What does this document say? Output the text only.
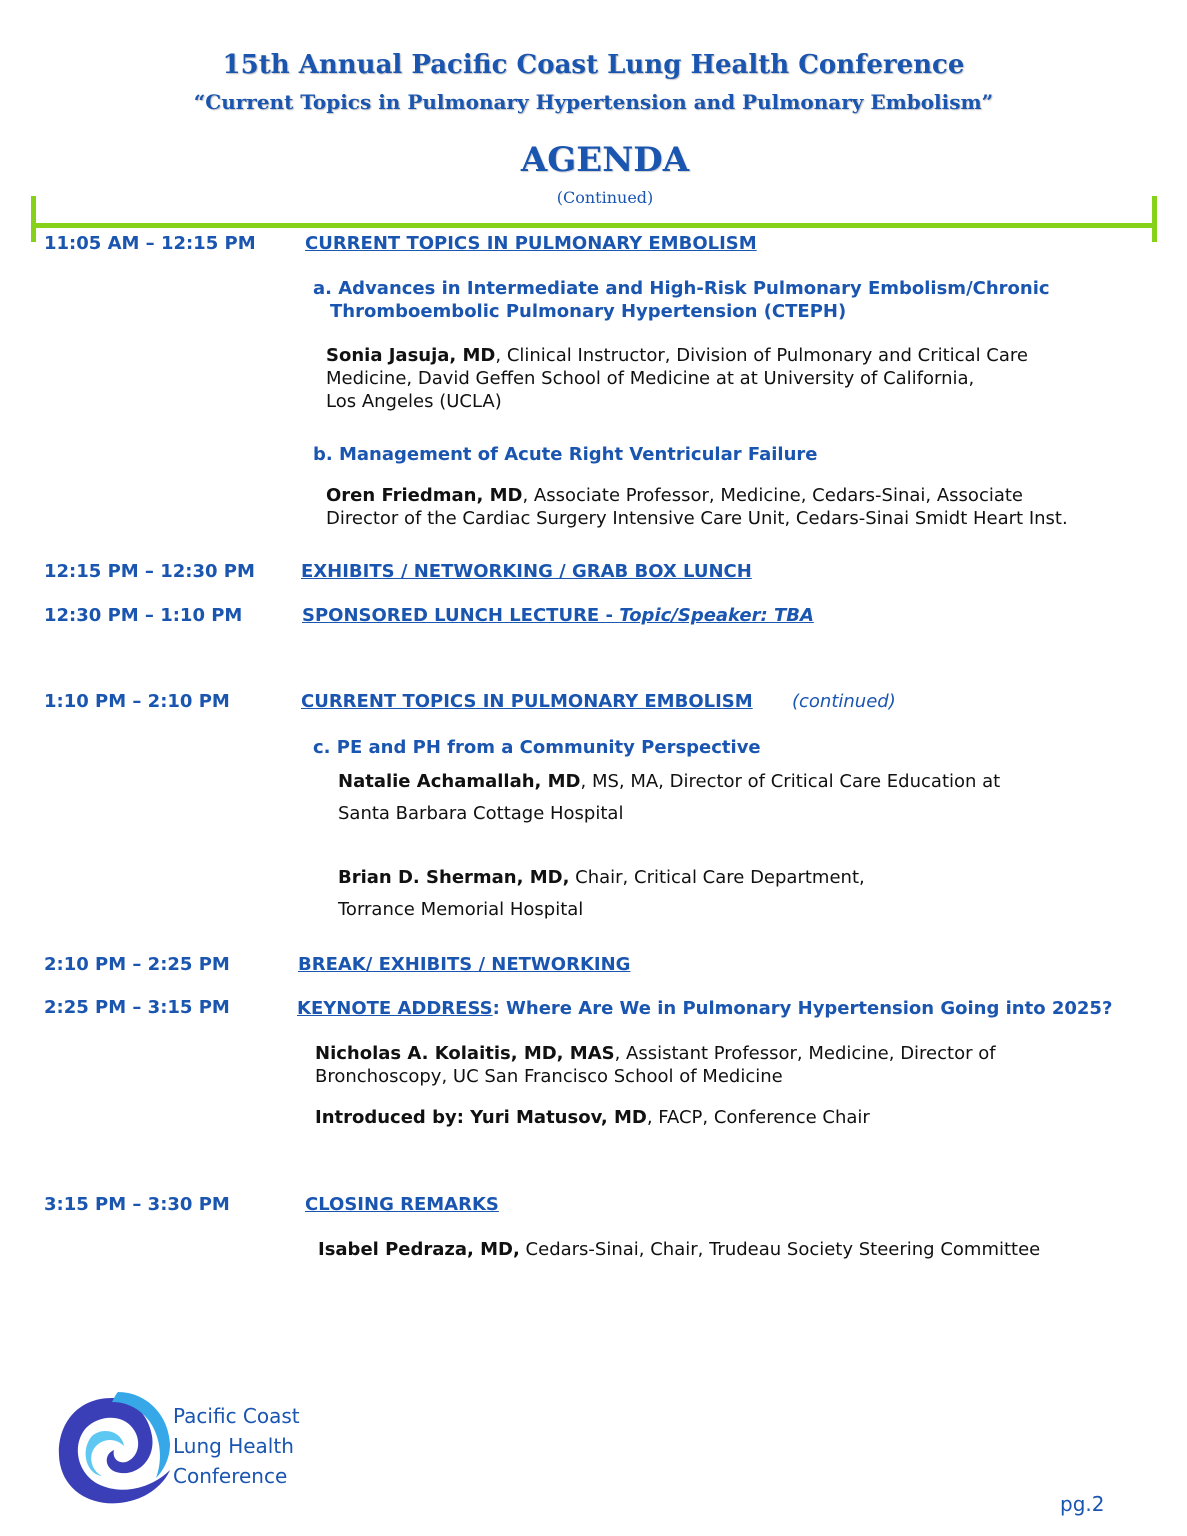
15th Annual Pacific Coast Lung Health Conference
“Current Topics in Pulmonary Hypertension and Pulmonary Embolism”
AGENDA
(Continued)
11:05 AM – 12:15 PM	CURRENT TOPICS IN PULMONARY EMBOLISM
a. Advances in Intermediate and High-Risk Pulmonary Embolism/Chronic
Thromboembolic Pulmonary Hypertension (CTEPH)
Sonia Jasuja, MD, Clinical Instructor, Division of Pulmonary and Critical Care
Medicine, David Geffen School of Medicine at at University of California,
Los Angeles (UCLA)
b. Management of Acute Right Ventricular Failure
Oren Friedman, MD, Associate Professor, Medicine, Cedars-Sinai, Associate
Director of the Cardiac Surgery Intensive Care Unit, Cedars-Sinai Smidt Heart Inst.
12:15 PM – 12:30 PM	EXHIBITS / NETWORKING / GRAB BOX LUNCH
12:30 PM – 1:10 PM	SPONSORED LUNCH LECTURE - Topic/Speaker: TBA
1:10 PM – 2:10 PM	CURRENT TOPICS IN PULMONARY EMBOLISM (continued)
c. PE and PH from a Community Perspective
Natalie Achamallah, MD, MS, MA, Director of Critical Care Education at
Santa Barbara Cottage Hospital
Brian D. Sherman, MD, Chair, Critical Care Department,
Torrance Memorial Hospital
2:10 PM – 2:25 PM	BREAK/ EXHIBITS / NETWORKING
2:25 PM – 3:15 PM	KEYNOTE ADDRESS: Where Are We in Pulmonary Hypertension Going into 2025?
Nicholas A. Kolaitis, MD, MAS, Assistant Professor, Medicine, Director of
Bronchoscopy, UC San Francisco School of Medicine
Introduced by: Yuri Matusov, MD, FACP, Conference Chair
3:15 PM – 3:30 PM	CLOSING REMARKS
Isabel Pedraza, MD, Cedars-Sinai, Chair, Trudeau Society Steering Committee
Pacific Coast
Lung Health
Conference
pg.2
